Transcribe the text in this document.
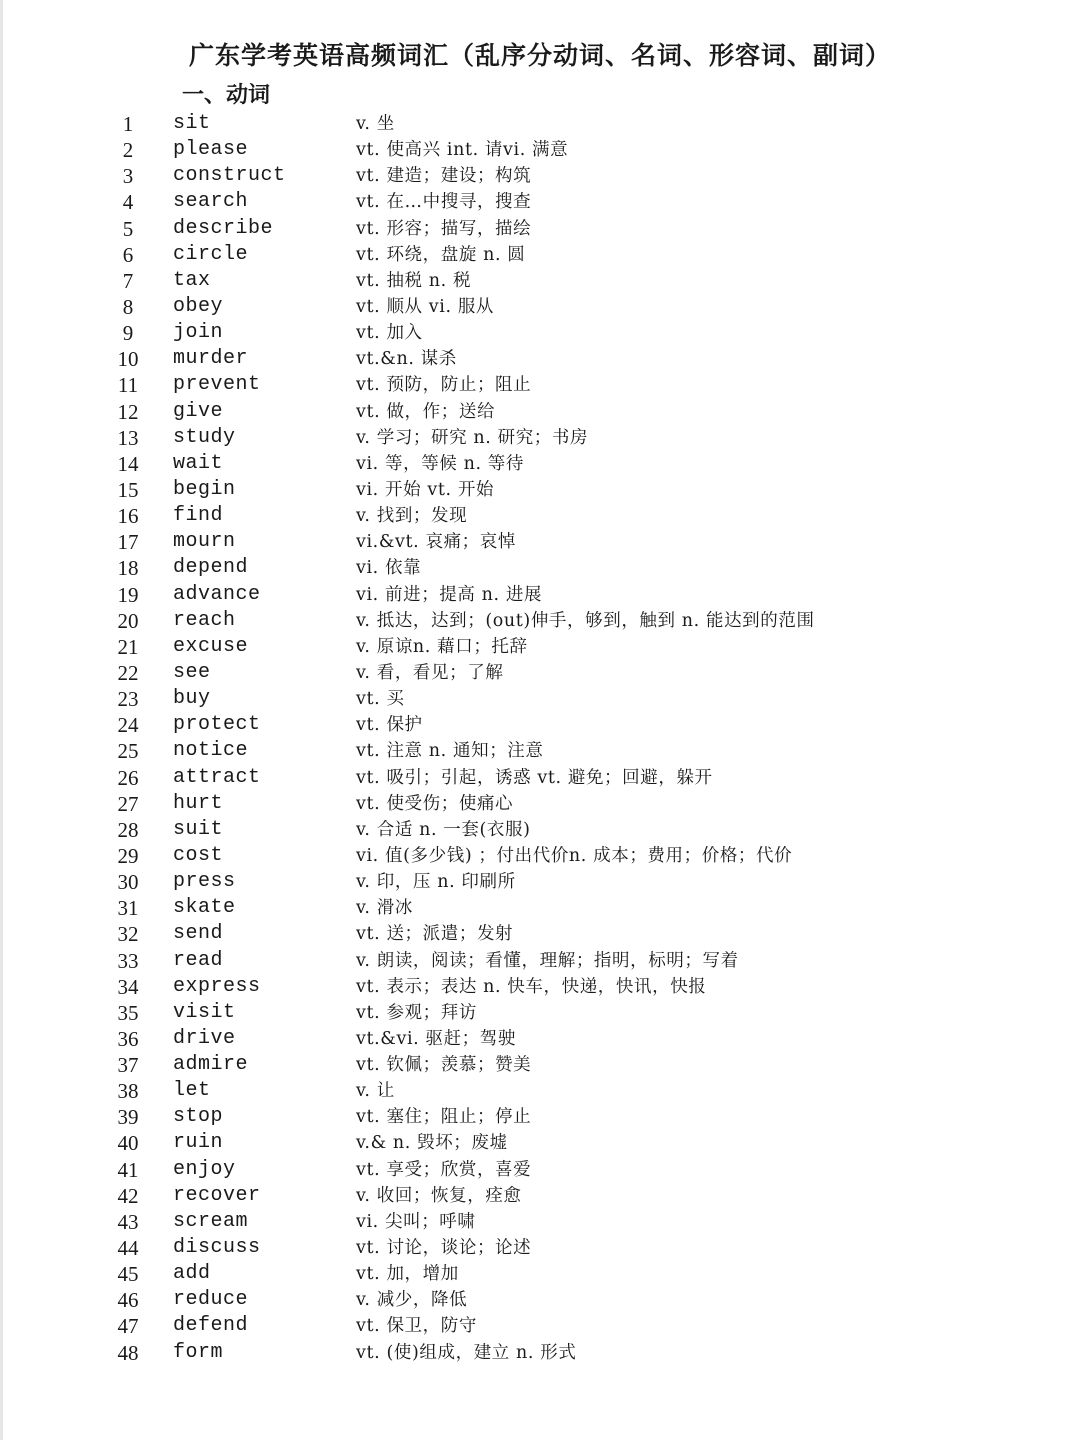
广东学考英语高频词汇（乱序分动词、名词、形容词、副词）
一、动词
1	sit	v. 坐
2	please	vt. 使高兴 int. 请vi. 满意
3	construct	vt. 建造；建设；构筑
4	search	vt. 在…中搜寻，搜查
5	describe	vt. 形容；描写，描绘
6	circle	vt. 环绕，盘旋 n. 圆
7	tax	vt. 抽税 n. 税
8	obey	vt. 顺从 vi. 服从
9	join	vt. 加入
10	murder	vt.&n. 谋杀
11	prevent	vt. 预防，防止；阻止
12	give	vt. 做，作；送给
13	study	v. 学习；研究 n. 研究；书房
14	wait	vi. 等，等候 n. 等待
15	begin	vi. 开始 vt. 开始
16	find	v. 找到；发现
17	mourn	vi.&vt. 哀痛；哀悼
18	depend	vi. 依靠
19	advance	vi. 前进；提高 n. 进展
20	reach	v. 抵达，达到；(out)伸手，够到，触到 n. 能达到的范围
21	excuse	v. 原谅n. 藉口；托辞
22	see	v. 看，看见；了解
23	buy	vt. 买
24	protect	vt. 保护
25	notice	vt. 注意 n. 通知；注意
26	attract	vt. 吸引；引起，诱惑 vt. 避免；回避，躲开
27	hurt	vt. 使受伤；使痛心
28	suit	v. 合适 n. 一套(衣服)
29	cost	vi. 值(多少钱) ；付出代价n. 成本；费用；价格；代价
30	press	v. 印，压 n. 印刷所
31	skate	v. 滑冰
32	send	vt. 送；派遣；发射
33	read	v. 朗读，阅读；看懂，理解；指明，标明；写着
34	express	vt. 表示；表达 n. 快车，快递，快讯，快报
35	visit	vt. 参观；拜访
36	drive	vt.&vi. 驱赶；驾驶
37	admire	vt. 钦佩；羡慕；赞美
38	let	v. 让
39	stop	vt. 塞住；阻止；停止
40	ruin	v.& n. 毁坏；废墟
41	enjoy	vt. 享受；欣赏，喜爱
42	recover	v. 收回；恢复，痊愈
43	scream	vi. 尖叫；呼啸
44	discuss	vt. 讨论，谈论；论述
45	add	vt. 加，增加
46	reduce	v. 减少，降低
47	defend	vt. 保卫，防守
48	form	vt. (使)组成，建立 n. 形式
